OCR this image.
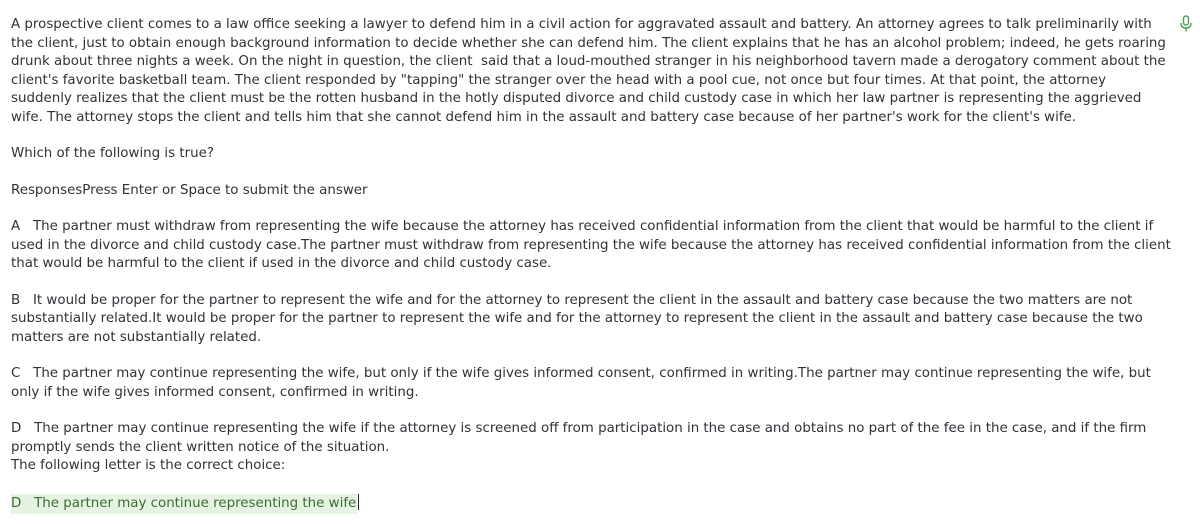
A prospective client comes to a law office seeking a lawyer to defend him in a civil action for aggravated assault and battery. An attorney agrees to talk preliminarily with the client, just to obtain enough background information to decide whether she can defend him. The client explains that he has an alcohol problem; indeed, he gets roaring drunk about three nights a week. On the night in question, the client  said that a loud-mouthed stranger in his neighborhood tavern made a derogatory comment about the client's favorite basketball team. The client responded by "tapping" the stranger over the head with a pool cue, not once but four times. At that point, the attorney suddenly realizes that the client must be the rotten husband in the hotly disputed divorce and child custody case in which her law partner is representing the aggrieved wife. The attorney stops the client and tells him that she cannot defend him in the assault and battery case because of her partner's work for the client's wife.

Which of the following is true?

ResponsesPress Enter or Space to submit the answer

A The partner must withdraw from representing the wife because the attorney has received confidential information from the client that would be harmful to the client if used in the divorce and child custody case.The partner must withdraw from representing the wife because the attorney has received confidential information from the client that would be harmful to the client if used in the divorce and child custody case.

B It would be proper for the partner to represent the wife and for the attorney to represent the client in the assault and battery case because the two matters are not substantially related.It would be proper for the partner to represent the wife and for the attorney to represent the client in the assault and battery case because the two matters are not substantially related.

C The partner may continue representing the wife, but only if the wife gives informed consent, confirmed in writing.The partner may continue representing the wife, but only if the wife gives informed consent, confirmed in writing.

D The partner may continue representing the wife if the attorney is screened off from participation in the case and obtains no part of the fee in the case, and if the firm promptly sends the client written notice of the situation.

The following letter is the correct choice:

D The partner may continue representing the wife
